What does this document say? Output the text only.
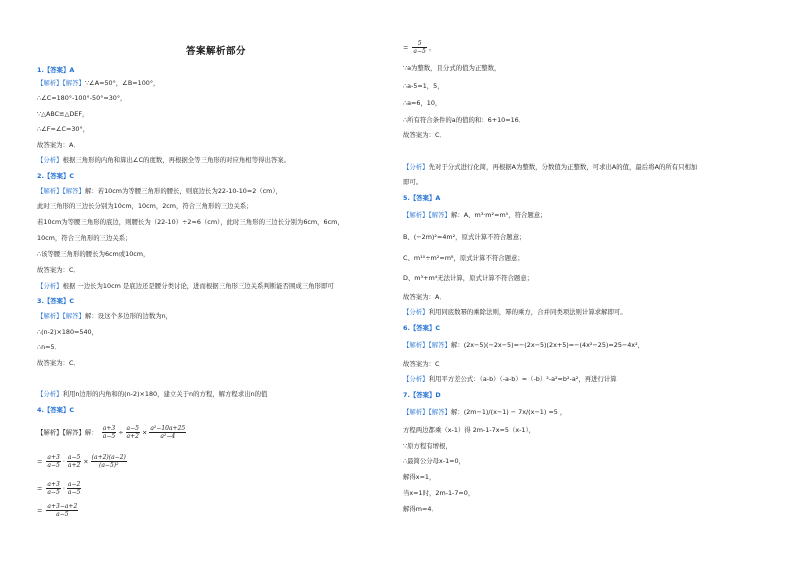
答案解析部分
1.【答案】A
【解析】【解答】∵∠A=50°，∠B=100°，
∴∠C=180°-100°-50°=30°，
∵△ABC≌△DEF，
∴∠F=∠C=30°，
故答案为：A．
【分析】根据三角形的内角和算出∠C的度数，再根据全等三角形的对应角相等得出答案。
2.【答案】C
【解析】【解答】解：若10cm为等腰三角形的腰长，则底边长为22-10-10=2（cm），
此时三角形的三边长分别为10cm，10cm，2cm，符合三角形的三边关系；
若10cm为等腰三角形的底边，则腰长为（22-10）÷2=6（cm），此时三角形的三边长分别为6cm，6cm，
10cm，符合三角形的三边关系；
∴该等腰三角形的腰长为6cm或10cm，
故答案为：C．
【分析】根据 一边长为10cm 是底边还是腰分类讨论，进而根据三角形三边关系判断能否围成三角形即可
3.【答案】C
【解析】【解答】解：设这个多边形的边数为n，
∴(n-2)×180=540，
∴n=5．
故答案为：C．
【分析】利用n边形的内角和的(n-2)×180，建立关于n的方程，解方程求出n的值
4.【答案】C
【解析】【解答】解： $\frac{a+3}{a-5} \div \frac{a-5}{a+2} \times \frac{\text{a²−10a+25}}{\text{a²−4}}$
= $\frac{a+3}{a-5} \cdot \frac{a-5}{a+2} \times \frac{(a+2)(a-2)}{\text{(a−5)²}}$
= $\frac{a+3}{a-5} \cdot \frac{a-2}{a-5}$
= $\frac{a+3-a+2}{a-5}$
= $\frac{5}{a-5}$ ，
∵a为整数，且分式的值为正整数，
∴a-5=1，5，
∴a=6，10，
∴所有符合条件的a的值的和：6+10=16．
故答案为：C．
【分析】先对于分式进行化简，再根据A为整数，分数值为正整数，可求出A的值，最后将A的所有只相加
即可。
5.【答案】A
【解析】【解答】解：A、m³·m²=m⁵，符合题意；
B、(−2m)²=4m²，原式计算不符合题意；
C、m¹⁰÷m²=m⁸，原式计算不符合题意；
D、m³+m⁴无法计算，原式计算不符合题意；
故答案为：A．
【分析】利用同底数幂的乘除法则，幂的乘方，合并同类项法则计算求解即可。
6.【答案】C
【解析】【解答】解：(2x−5)(−2x−5)=−(2x−5)(2x+5)=−(4x²−25)=25−4x²，
故答案为：C
【分析】利用平方差公式：（a-b）（-a-b）=（-b）²-a²=b²-a²，再进行计算
7.【答案】D
【解析】【解答】解：(2m−1)/(x−1) − 7x/(x−1) =5 ，
方程两边都乘（x-1）得 2m-1-7x=5（x-1），
∵原方程有增根，
∴最简公分母x-1=0，
解得x=1，
当x=1时，2m-1-7=0，
解得m=4．
